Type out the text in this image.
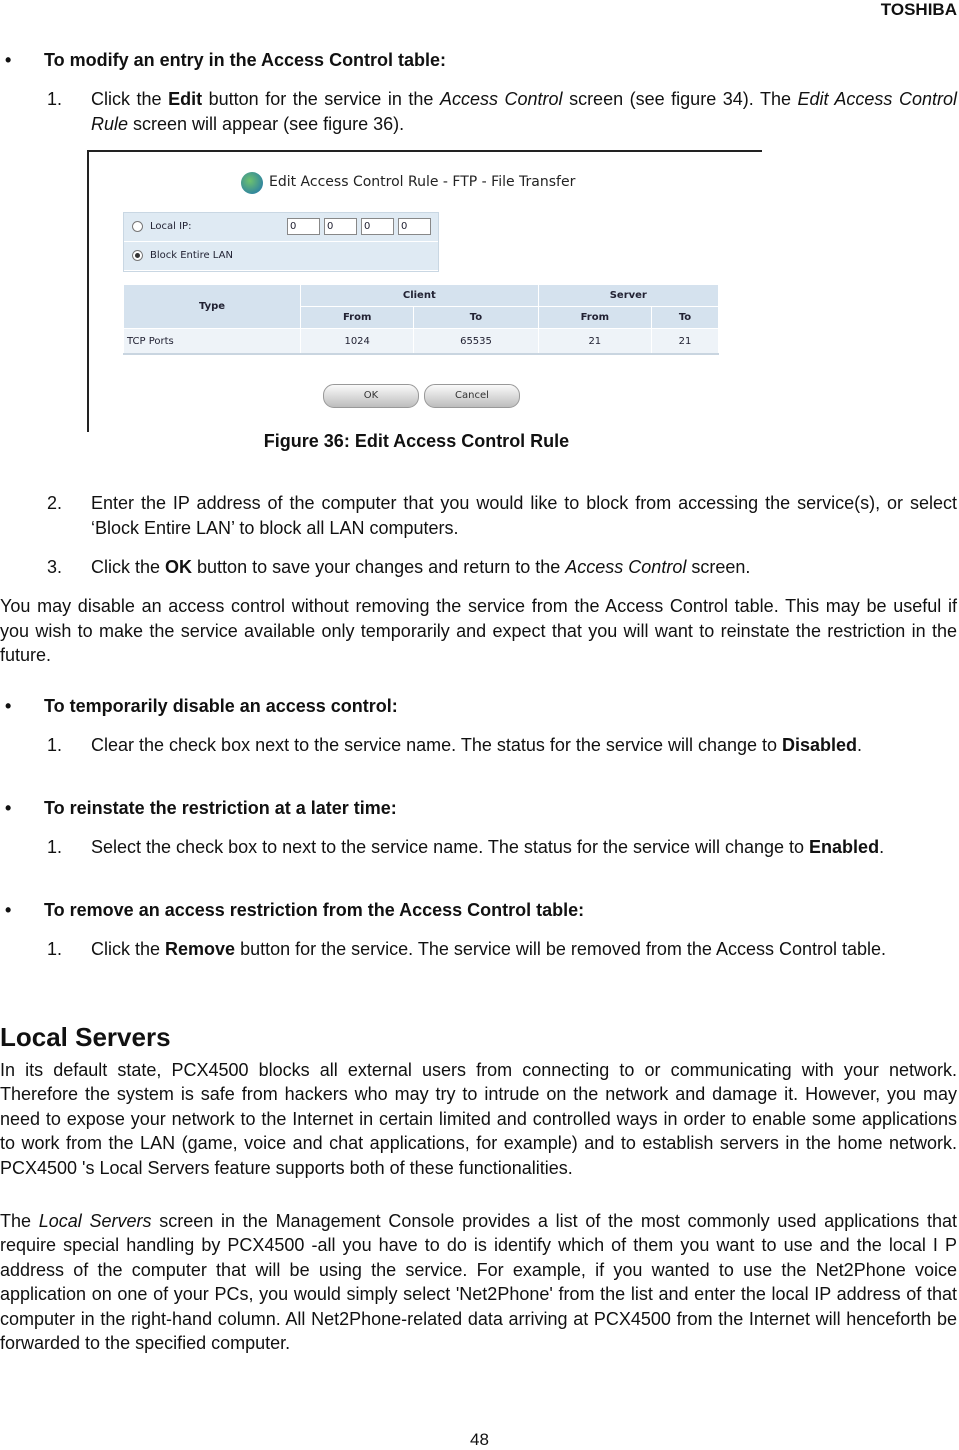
TOSHIBA
• To modify an entry in the Access Control table:
1. Click the Edit button for the service in the Access Control screen (see figure 34). The Edit Access Control Rule screen will appear (see figure 36).
Edit Access Control Rule - FTP - File Transfer
Local IP:	0	0	0	0
Block Entire LAN
Type	Client		Server	
	From	To	From	To
TCP Ports	1024	65535	21	21
OK	Cancel
Figure 36: Edit Access Control Rule
2. Enter the IP address of the computer that you would like to block from accessing the service(s), or select ‘Block Entire LAN’ to block all LAN computers.
3. Click the OK button to save your changes and return to the Access Control screen.
You may disable an access control without removing the service from the Access Control table. This may be useful if you wish to make the service available only temporarily and expect that you will want to reinstate the restriction in the future.
• To temporarily disable an access control:
1. Clear the check box next to the service name. The status for the service will change to Disabled.
• To reinstate the restriction at a later time:
1. Select the check box to next to the service name. The status for the service will change to Enabled.
• To remove an access restriction from the Access Control table:
1. Click the Remove button for the service. The service will be removed from the Access Control table.
Local Servers
In its default state, PCX4500 blocks all external users from connecting to or communicating with your network. Therefore the system is safe from hackers who may try to intrude on the network and damage it. However, you may need to expose your network to the Internet in certain limited and controlled ways in order to enable some applications to work from the LAN (game, voice and chat applications, for example) and to establish servers in the home network. PCX4500 's Local Servers feature supports both of these functionalities.
The Local Servers screen in the Management Console provides a list of the most commonly used applications that require special handling by PCX4500 -all you have to do is identify which of them you want to use and the local I P address of the computer that will be using the service. For example, if you wanted to use the Net2Phone voice application on one of your PCs, you would simply select 'Net2Phone' from the list and enter the local IP address of that computer in the right-hand column. All Net2Phone-related data arriving at PCX4500 from the Internet will henceforth be forwarded to the specified computer.
48
